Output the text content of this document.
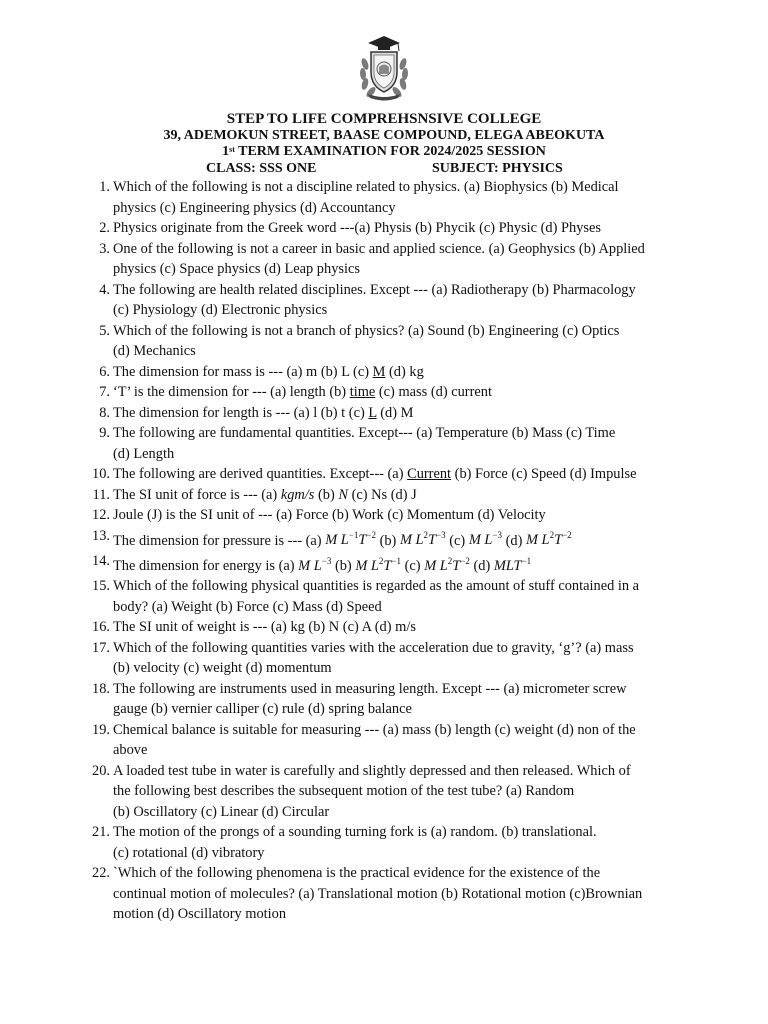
STEP TO LIFE COMPREHSNSIVE COLLEGE
39, ADEMOKUN STREET, BAASE COMPOUND, ELEGA ABEOKUTA
1st TERM EXAMINATION FOR 2024/2025 SESSION
CLASS: SSS ONE	SUBJECT: PHYSICS
1. Which of the following is not a discipline related to physics. (a) Biophysics (b) Medical
physics (c) Engineering physics (d) Accountancy
2. Physics originate from the Greek word ---(a) Physis (b) Phycik (c) Physic (d) Physes
3. One of the following is not a career in basic and applied science. (a) Geophysics (b) Applied
physics (c) Space physics (d) Leap physics
4. The following are health related disciplines. Except --- (a) Radiotherapy (b) Pharmacology
(c) Physiology (d) Electronic physics
5. Which of the following is not a branch of physics? (a) Sound (b) Engineering (c) Optics
(d) Mechanics
6. The dimension for mass is --- (a) m (b) L (c) M (d) kg
7. ‘T’ is the dimension for --- (a) length (b) time (c) mass (d) current
8. The dimension for length is --- (a) l (b) t (c) L (d) M
9. The following are fundamental quantities. Except--- (a) Temperature (b) Mass (c) Time
(d) Length
10. The following are derived quantities. Except--- (a) Current (b) Force (c) Speed (d) Impulse
11. The SI unit of force is --- (a) kgm/s (b) N (c) Ns (d) J
12. Joule (J) is the SI unit of --- (a) Force (b) Work (c) Momentum (d) Velocity
13. The dimension for pressure is --- (a) M $L^{-1}T^{-2}$ (b) M $L^2T^{-3}$ (c) M $L^{-3}$ (d) M $L^2T^{-2}$
14. The dimension for energy is (a) M $L^{-3}$ (b) M $L^2T^{-1}$ (c) M $L^2T^{-2}$ (d) $MLT^{-1}$
15. Which of the following physical quantities is regarded as the amount of stuff contained in a
body? (a) Weight (b) Force (c) Mass (d) Speed
16. The SI unit of weight is --- (a) kg (b) N (c) A (d) m/s
17. Which of the following quantities varies with the acceleration due to gravity, ‘g’? (a) mass
(b) velocity (c) weight (d) momentum
18. The following are instruments used in measuring length. Except --- (a) micrometer screw
gauge (b) vernier calliper (c) rule (d) spring balance
19. Chemical balance is suitable for measuring --- (a) mass (b) length (c) weight (d) non of the
above
20. A loaded test tube in water is carefully and slightly depressed and then released. Which of
the following best describes the subsequent motion of the test tube? (a) Random
(b) Oscillatory (c) Linear (d) Circular
21. The motion of the prongs of a sounding turning fork is (a) random. (b) translational.
(c) rotational (d) vibratory
22. `Which of the following phenomena is the practical evidence for the existence of the
continual motion of molecules? (a) Translational motion (b) Rotational motion (c)Brownian
motion (d) Oscillatory motion
